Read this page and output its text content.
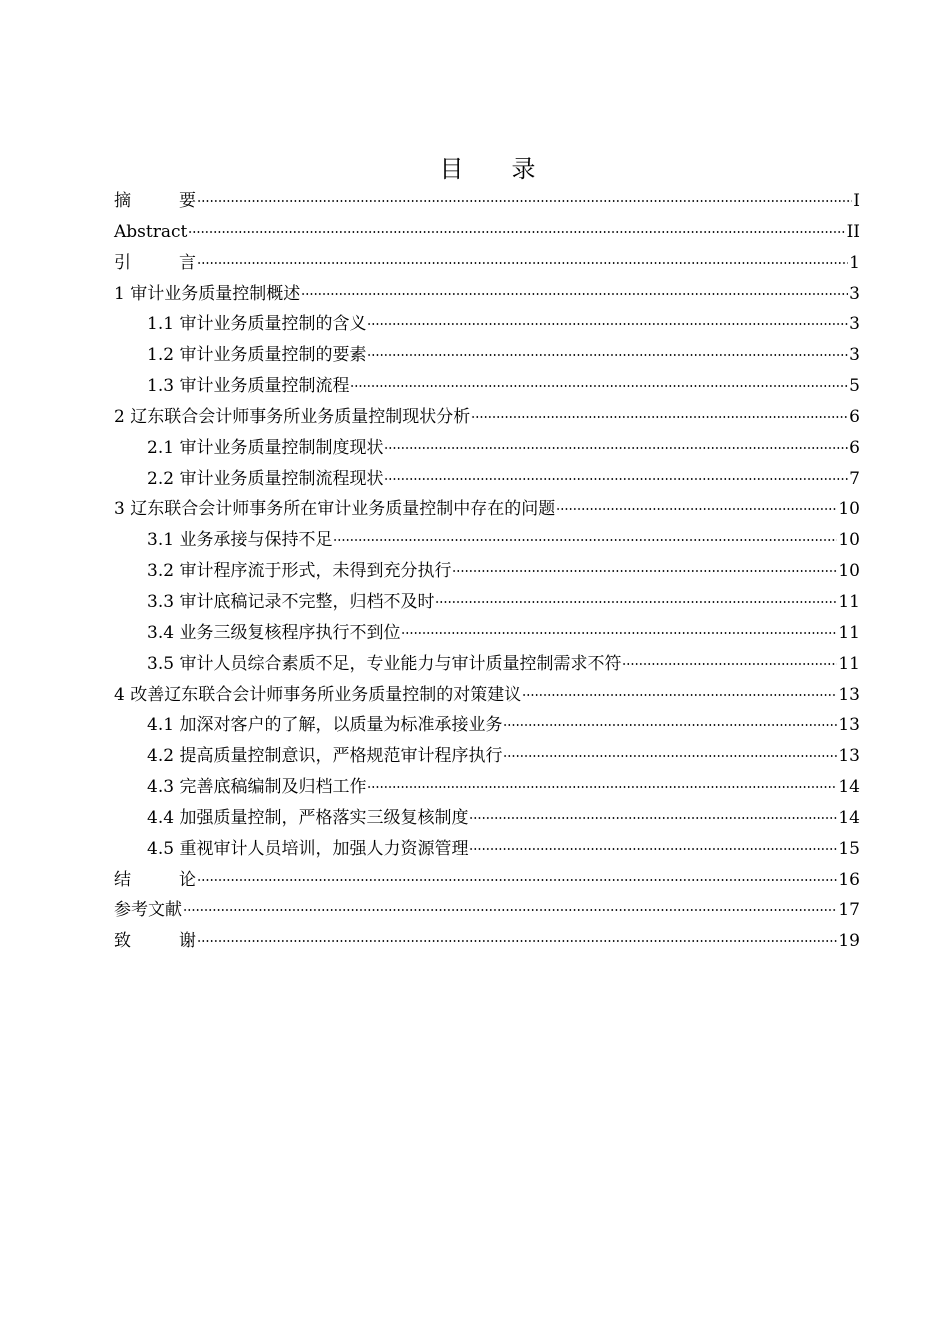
目 录
摘	要	I
Abstract	II
引	言	1
1 审计业务质量控制概述	3
1.1 审计业务质量控制的含义	3
1.2 审计业务质量控制的要素	3
1.3 审计业务质量控制流程	5
2 辽东联合会计师事务所业务质量控制现状分析	6
2.1 审计业务质量控制制度现状	6
2.2 审计业务质量控制流程现状	7
3 辽东联合会计师事务所在审计业务质量控制中存在的问题	10
3.1 业务承接与保持不足	10
3.2 审计程序流于形式，未得到充分执行	10
3.3 审计底稿记录不完整，归档不及时	11
3.4 业务三级复核程序执行不到位	11
3.5 审计人员综合素质不足，专业能力与审计质量控制需求不符	11
4 改善辽东联合会计师事务所业务质量控制的对策建议	13
4.1 加深对客户的了解，以质量为标准承接业务	13
4.2 提高质量控制意识，严格规范审计程序执行	13
4.3 完善底稿编制及归档工作	14
4.4 加强质量控制，严格落实三级复核制度	14
4.5 重视审计人员培训，加强人力资源管理	15
结	论	16
参考文献	17
致	谢	19
